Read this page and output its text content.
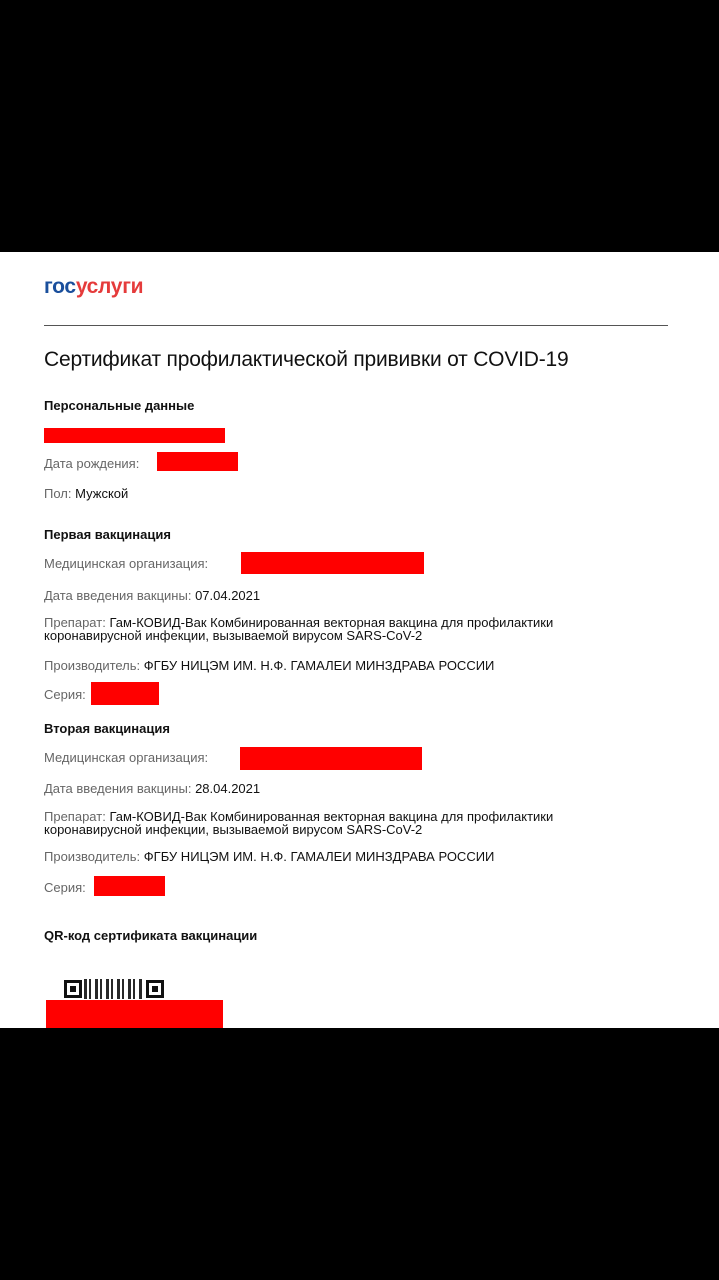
госуслуги
Сертификат профилактической прививки от COVID-19
Персональные данные
Дата рождения:
Пол: Мужской
Первая вакцинация
Медицинская организация:
Дата введения вакцины: 07.04.2021
Препарат: Гам-КОВИД-Вак Комбинированная векторная вакцина для профилактики
коронавирусной инфекции, вызываемой вирусом SARS-CoV-2
Производитель: ФГБУ НИЦЭМ ИМ. Н.Ф. ГАМАЛЕИ МИНЗДРАВА РОССИИ
Серия:
Вторая вакцинация
Медицинская организация:
Дата введения вакцины: 28.04.2021
Препарат: Гам-КОВИД-Вак Комбинированная векторная вакцина для профилактики
коронавирусной инфекции, вызываемой вирусом SARS-CoV-2
Производитель: ФГБУ НИЦЭМ ИМ. Н.Ф. ГАМАЛЕИ МИНЗДРАВА РОССИИ
Серия:
QR-код сертификата вакцинации
